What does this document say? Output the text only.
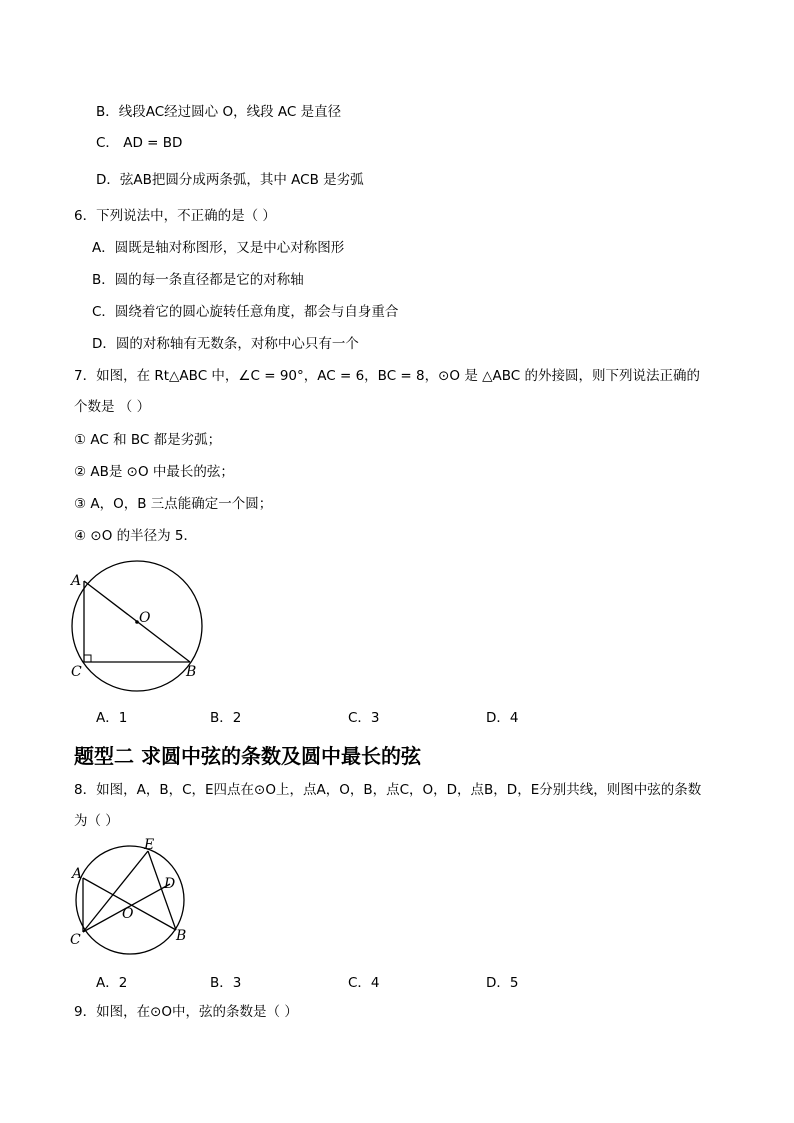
B．线段AC经过圆心 O，线段 AC 是直径
C． AD = BD
D．弦AB把圆分成两条弧，其中 ACB 是劣弧
6．下列说法中，不正确的是（ ）
A．圆既是轴对称图形，又是中心对称图形
B．圆的每一条直径都是它的对称轴
C．圆绕着它的圆心旋转任意角度，都会与自身重合
D．圆的对称轴有无数条，对称中心只有一个
7．如图，在 Rt△ABC 中，∠C = 90°，AC = 6，BC = 8，⊙O 是 △ABC 的外接圆，则下列说法正确的
个数是 （ ）
① AC 和 BC 都是劣弧；
② AB是 ⊙O 中最长的弦；
③ A，O，B 三点能确定一个圆；
④ ⊙O 的半径为 5．
A
O
C	B
A．1	B．2	C．3	D．4
题型二 求圆中弦的条数及圆中最长的弦
8．如图，A，B，C，E四点在⊙O上，点A，O，B，点C，O，D，点B，D，E分别共线，则图中弦的条数
为（ ）
A
E
D
O
C	B
A．2	B．3	C．4	D．5
9．如图，在⊙O中，弦的条数是（ ）
